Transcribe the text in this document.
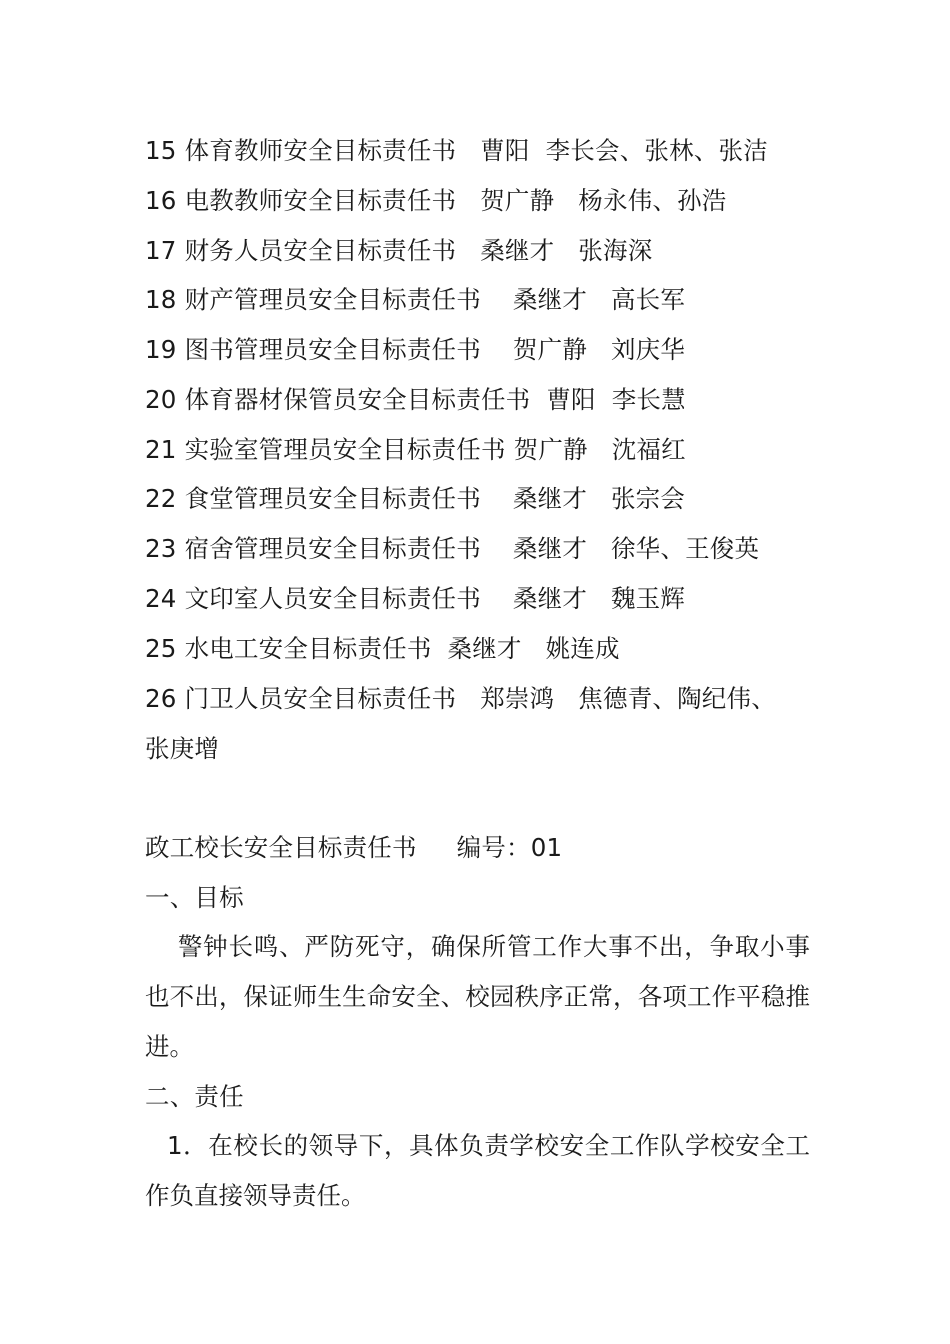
15 体育教师安全目标责任书   曹阳  李长会、张林、张洁
16 电教教师安全目标责任书   贺广静   杨永伟、孙浩
17 财务人员安全目标责任书   桑继才   张海深
18 财产管理员安全目标责任书    桑继才   高长军
19 图书管理员安全目标责任书    贺广静   刘庆华
20 体育器材保管员安全目标责任书  曹阳  李长慧
21 实验室管理员安全目标责任书 贺广静   沈福红
22 食堂管理员安全目标责任书    桑继才   张宗会
23 宿舍管理员安全目标责任书    桑继才   徐华、王俊英
24 文印室人员安全目标责任书    桑继才   魏玉辉
25 水电工安全目标责任书  桑继才   姚连成
26 门卫人员安全目标责任书   郑崇鸿   焦德青、陶纪伟、
张庚增
政工校长安全目标责任书     编号：01
一、目标
警钟长鸣、严防死守，确保所管工作大事不出，争取小事也不出，保证师生生命安全、校园秩序正常，各项工作平稳推进。
二、责任
1．在校长的领导下，具体负责学校安全工作队学校安全工作负直接领导责任。
